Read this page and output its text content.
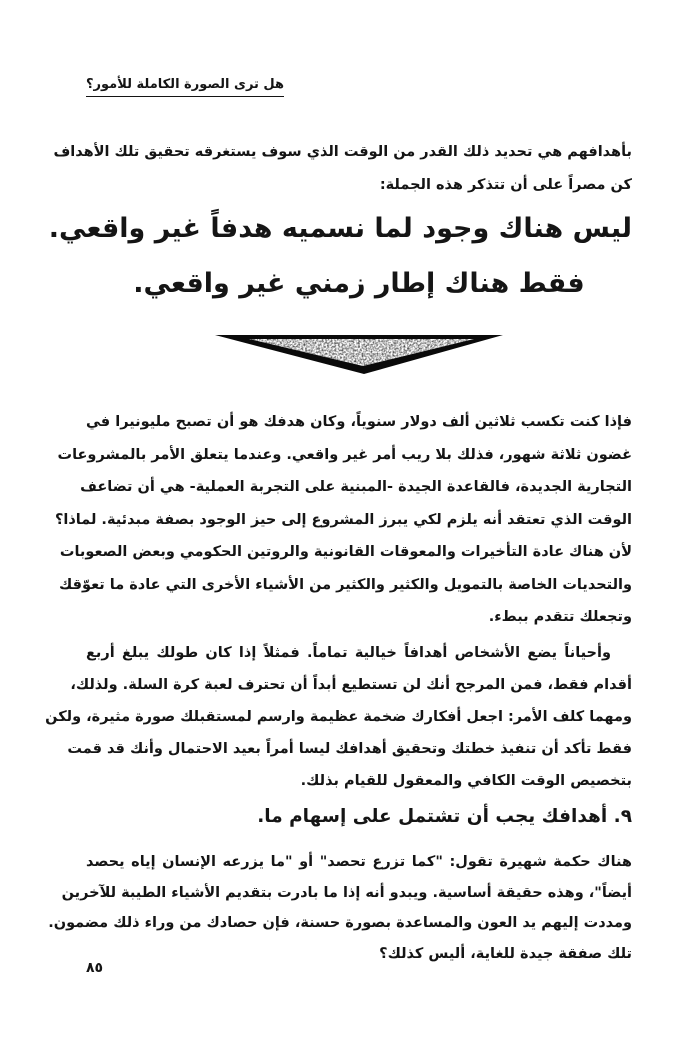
هل ترى الصورة الكاملة للأمور؟
بأهدافهم هي تحديد ذلك القدر من الوقت الذي سوف يستغرقه تحقيق تلك الأهداف
كن مصراً على أن تتذكر هذه الجملة:
ليس هناك وجود لما نسميه هدفاً غير واقعي.
فقط هناك إطار زمني غير واقعي.
فإذا كنت تكسب ثلاثين ألف دولار سنوياً، وكان هدفك هو أن تصبح مليونيرا في
غضون ثلاثة شهور، فذلك بلا ريب أمر غير واقعي. وعندما يتعلق الأمر بالمشروعات
التجارية الجديدة، فالقاعدة الجيدة -المبنية على التجربة العملية- هي أن تضاعف
الوقت الذي تعتقد أنه يلزم لكي يبرز المشروع إلى حيز الوجود بصفة مبدئية. لماذا؟
لأن هناك عادة التأخيرات والمعوقات القانونية والروتين الحكومي وبعض الصعوبات
والتحديات الخاصة بالتمويل والكثير والكثير من الأشياء الأخرى التي عادة ما تعوّقك
وتجعلك تتقدم ببطء.
وأحياناً يضع الأشخاص أهدافاً خيالية تماماً. فمثلاً إذا كان طولك يبلغ أربع
أقدام فقط، فمن المرجح أنك لن تستطيع أبداً أن تحترف لعبة كرة السلة. ولذلك،
ومهما كلف الأمر: اجعل أفكارك ضخمة عظيمة وارسم لمستقبلك صورة مثيرة، ولكن
فقط تأكد أن تنفيذ خطتك وتحقيق أهدافك ليسا أمراً بعيد الاحتمال وأنك قد قمت
بتخصيص الوقت الكافي والمعقول للقيام بذلك.
٩. أهدافك يجب أن تشتمل على إسهام ما.
هناك حكمة شهيرة تقول: "كما تزرع تحصد" أو "ما يزرعه الإنسان إياه يحصد
أيضاً"، وهذه حقيقة أساسية. ويبدو أنه إذا ما بادرت بتقديم الأشياء الطيبة للآخرين
ومددت إليهم يد العون والمساعدة بصورة حسنة، فإن حصادك من وراء ذلك مضمون.
تلك صفقة جيدة للغاية، أليس كذلك؟
٨٥
